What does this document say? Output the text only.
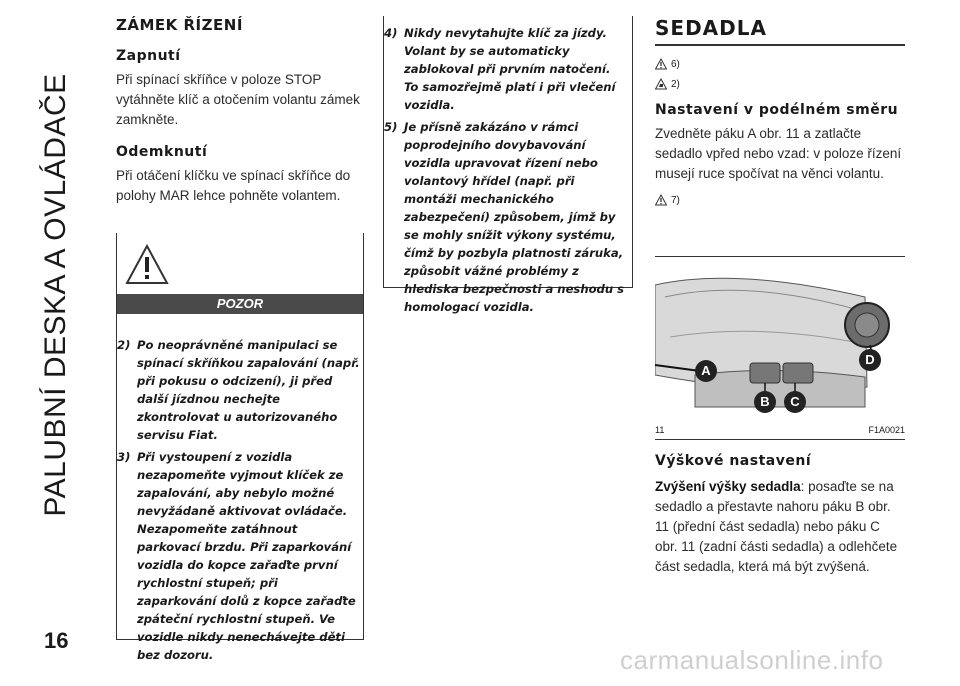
PALUBNÍ DESKA A OVLÁDAČE
16
ZÁMEK ŘÍZENÍ
Zapnutí

Při spínací skříňce v poloze STOP vytáhněte klíč a otočením volantu zámek zamkněte.

Odemknutí

Při otáčení klíčku ve spínací skříňce do polohy MAR lehce pohněte volantem.

POZOR
2) Po neoprávněné manipulaci se spínací skříňkou zapalování (např. při pokusu o odcizení), ji před další jízdnou nechejte zkontrolovat u autorizovaného servisu Fiat.
3) Při vystoupení z vozidla nezapomeňte vyjmout klíček ze zapalování, aby nebylo možné nevyžádaně aktivovat ovládače. Nezapomeňte zatáhnout parkovací brzdu. Při zaparkování vozidla do kopce zařaďte první rychlostní stupeň; při zaparkování dolů z kopce zařaďte zpáteční rychlostní stupeň. Ve vozidle nikdy nenechávejte děti bez dozoru.
4) Nikdy nevytahujte klíč za jízdy. Volant by se automaticky zablokoval při prvním natočení. To samozřejmě platí i při vlečení vozidla.
5) Je přísně zakázáno v rámci poprodejního dovybavování vozidla upravovat řízení nebo volantový hřídel (např. při montáži mechanického zabezpečení) způsobem, jímž by se mohly snížit výkony systému, čímž by pozbyla platnosti záruka, způsobit vážné problémy z hlediska bezpečnosti a neshodu s homologací vozidla.
SEDADLA
6)
2)
Nastavení v podélném směru

Zvedněte páku A obr. 11 a zatlačte sedadlo vpřed nebo vzad: v poloze řízení musejí ruce spočívat na věnci volantu.

7)
A
B	C
D
11	F1A0021
Výškové nastavení

Zvýšení výšky sedadla: posaďte se na sedadlo a přestavte nahoru páku B obr. 11 (přední část sedadla) nebo páku C obr. 11 (zadní části sedadla) a odlehčete část sedadla, která má být zvýšená.

carmanualsonline.info
